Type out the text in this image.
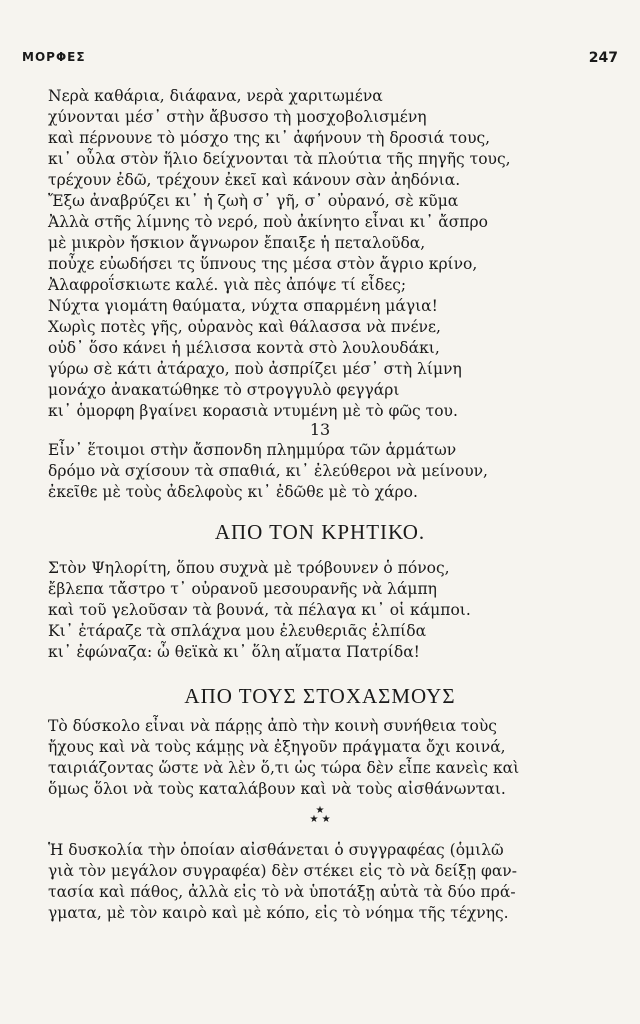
ΜΟΡΦΕΣ	247
Νερὰ καθάρια, διάφανα, νερὰ χαριτωμένα
χύνονται μέσ᾽ στὴν ἄβυσσο τὴ μοσχοβολισμένη
καὶ πέρνουνε τὸ μόσχο της κι᾽ ἀφήνουν τὴ δροσιά τους,
κι᾽ οὖλα στὸν ἥλιο δείχνονται τὰ πλούτια τῆς πηγῆς τους,
τρέχουν ἐδῶ, τρέχουν ἐκεῖ καὶ κάνουν σὰν ἀηδόνια.
Ἔξω ἀναβρύζει κι᾽ ἡ ζωὴ σ᾽ γῆ, σ᾽ οὐρανό, σὲ κῦμα
Ἀλλὰ στῆς λίμνης τὸ νερό, ποὺ ἀκίνητο εἶναι κι᾽ ἄσπρο
μὲ μικρὸν ἤσκιον ἄγνωρον ἔπαιξε ἡ πεταλοῦδα,
ποὖχε εὐωδήσει τς ὕπνους της μέσα στὸν ἄγριο κρίνο,
Ἀλαφροΐσκιωτε καλέ. γιὰ πὲς ἀπόψε τί εἶδες;
Νύχτα γιομάτη θαύματα, νύχτα σπαρμένη μάγια!
Χωρὶς ποτὲς γῆς, οὐρανὸς καὶ θάλασσα νὰ πνένε,
οὐδ᾽ ὅσο κάνει ἡ μέλισσα κοντὰ στὸ λουλουδάκι,
γύρω σὲ κάτι ἀτάραχο, ποὺ ἀσπρίζει μέσ᾽ στὴ λίμνη
μονάχο ἀνακατώθηκε τὸ στρογγυλὸ φεγγάρι
κι᾽ ὁμορφη βγαίνει κορασιὰ ντυμένη μὲ τὸ φῶς του.
13
Εἶν᾽ ἕτοιμοι στὴν ἄσπονδη πλημμύρα τῶν ἁρμάτων
δρόμο νὰ σχίσουν τὰ σπαθιά, κι᾽ ἐλεύθεροι νὰ μείνουν,
ἐκεῖθε μὲ τοὺς ἀδελφοὺς κι᾽ ἐδῶθε μὲ τὸ χάρο.
ΑΠΟ ΤΟΝ ΚΡΗΤΙΚΟ.
Στὸν Ψηλορίτη, ὅπου συχνὰ μὲ τρόβουνεν ὁ πόνος,
ἔβλεπα τἄστρο τ᾽ οὐρανοῦ μεσουρανῆς νὰ λάμπη
καὶ τοῦ γελοῦσαν τὰ βουνά, τὰ πέλαγα κι᾽ οἱ κάμποι.
Κι᾽ ἐτάραζε τὰ σπλάχνα μου ἐλευθεριᾶς ἐλπίδα
κι᾽ ἐφώναζα: ὦ θεϊκὰ κι᾽ ὅλη αἵματα Πατρίδα!
ΑΠΟ ΤΟΥΣ ΣΤΟΧΑΣΜΟΥΣ
Τὸ δύσκολο εἶναι νὰ πάρῃς ἀπὸ τὴν κοινὴ συνήθεια τοὺς
ἤχους καὶ νὰ τοὺς κάμῃς νὰ ἐξηγοῦν πράγματα ὄχι κοινά,
ταιριάζοντας ὥστε νὰ λὲν ὅ,τι ὡς τώρα δὲν εἶπε κανεὶς καὶ
ὅμως ὅλοι νὰ τοὺς καταλάβουν καὶ νὰ τοὺς αἰσθάνωνται.
★
★ ★
Ἡ δυσκολία τὴν ὁποίαν αἰσθάνεται ὁ συγγραφέας (ὁμιλῶ
γιὰ τὸν μεγάλον συγραφέα) δὲν στέκει εἰς τὸ νὰ δείξῃ φαν-
τασία καὶ πάθος, ἀλλὰ εἰς τὸ νὰ ὑποτάξῃ αὐτὰ τὰ δύο πρά-
γματα, μὲ τὸν καιρὸ καὶ μὲ κόπο, εἰς τὸ νόημα τῆς τέχνης.
